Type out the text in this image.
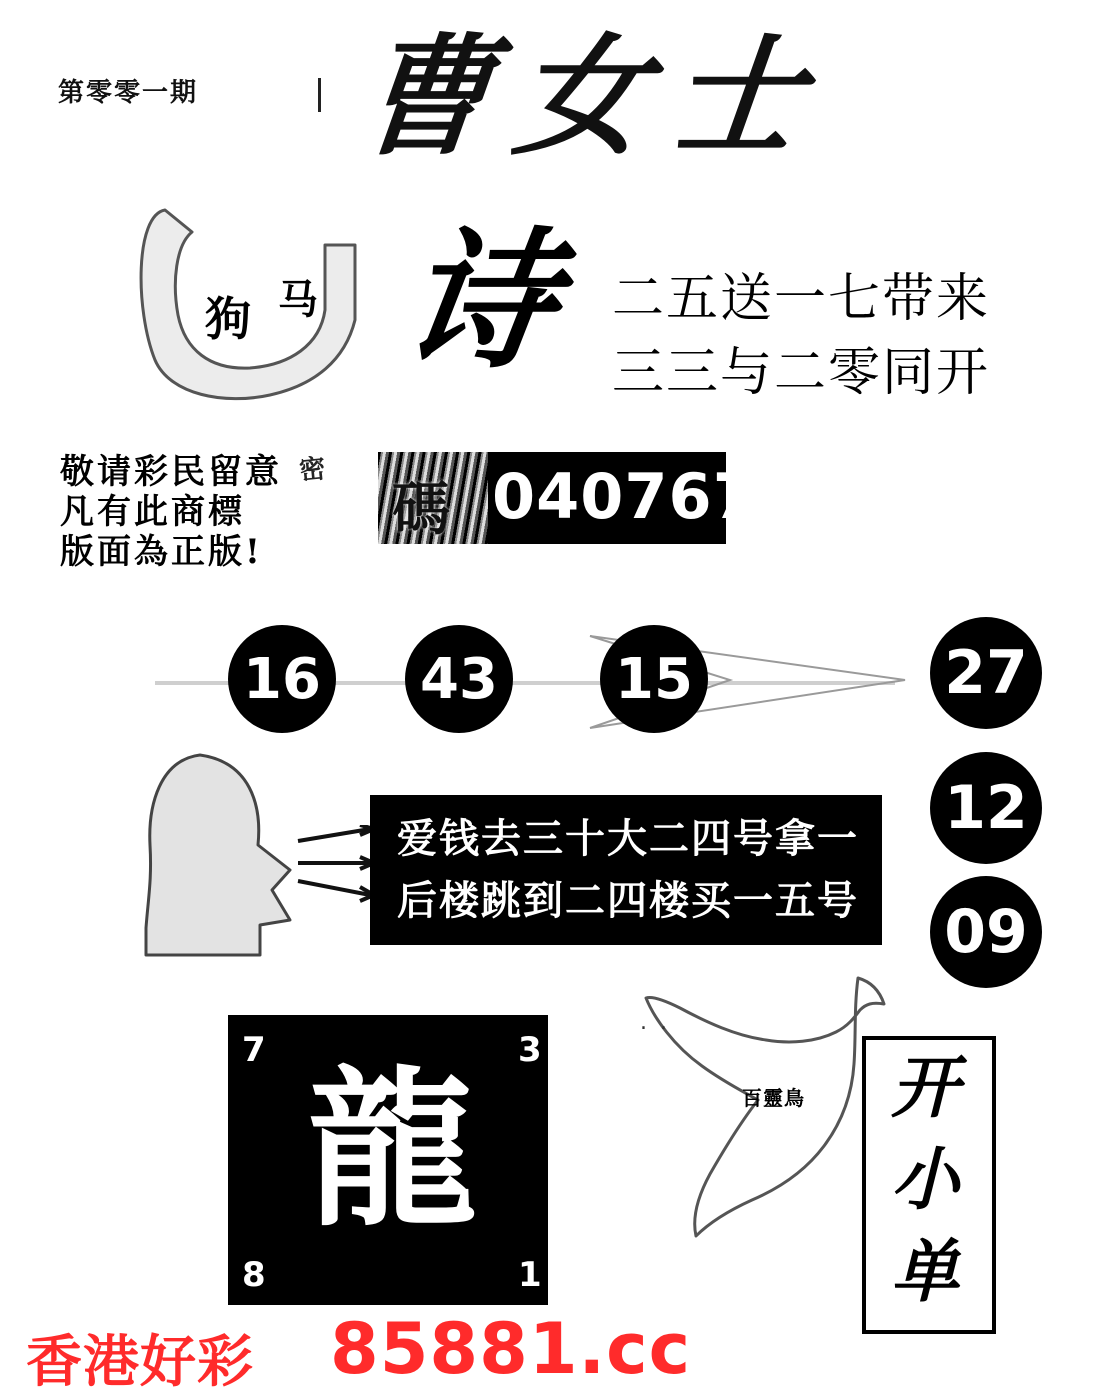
第零零一期 曹女士
狗 马 诗 二五送一七带来
三三与二零同开
敬请彩民留意
凡有此商標
版面為正版!
密
碼 0407674
16 43 15	27
12
09
爱钱去三十大二四号拿一
后楼跳到二四楼买一五号
龍
7	3
8	1
. .
百靈鳥	开
小
单
香港好彩 85881.cc
